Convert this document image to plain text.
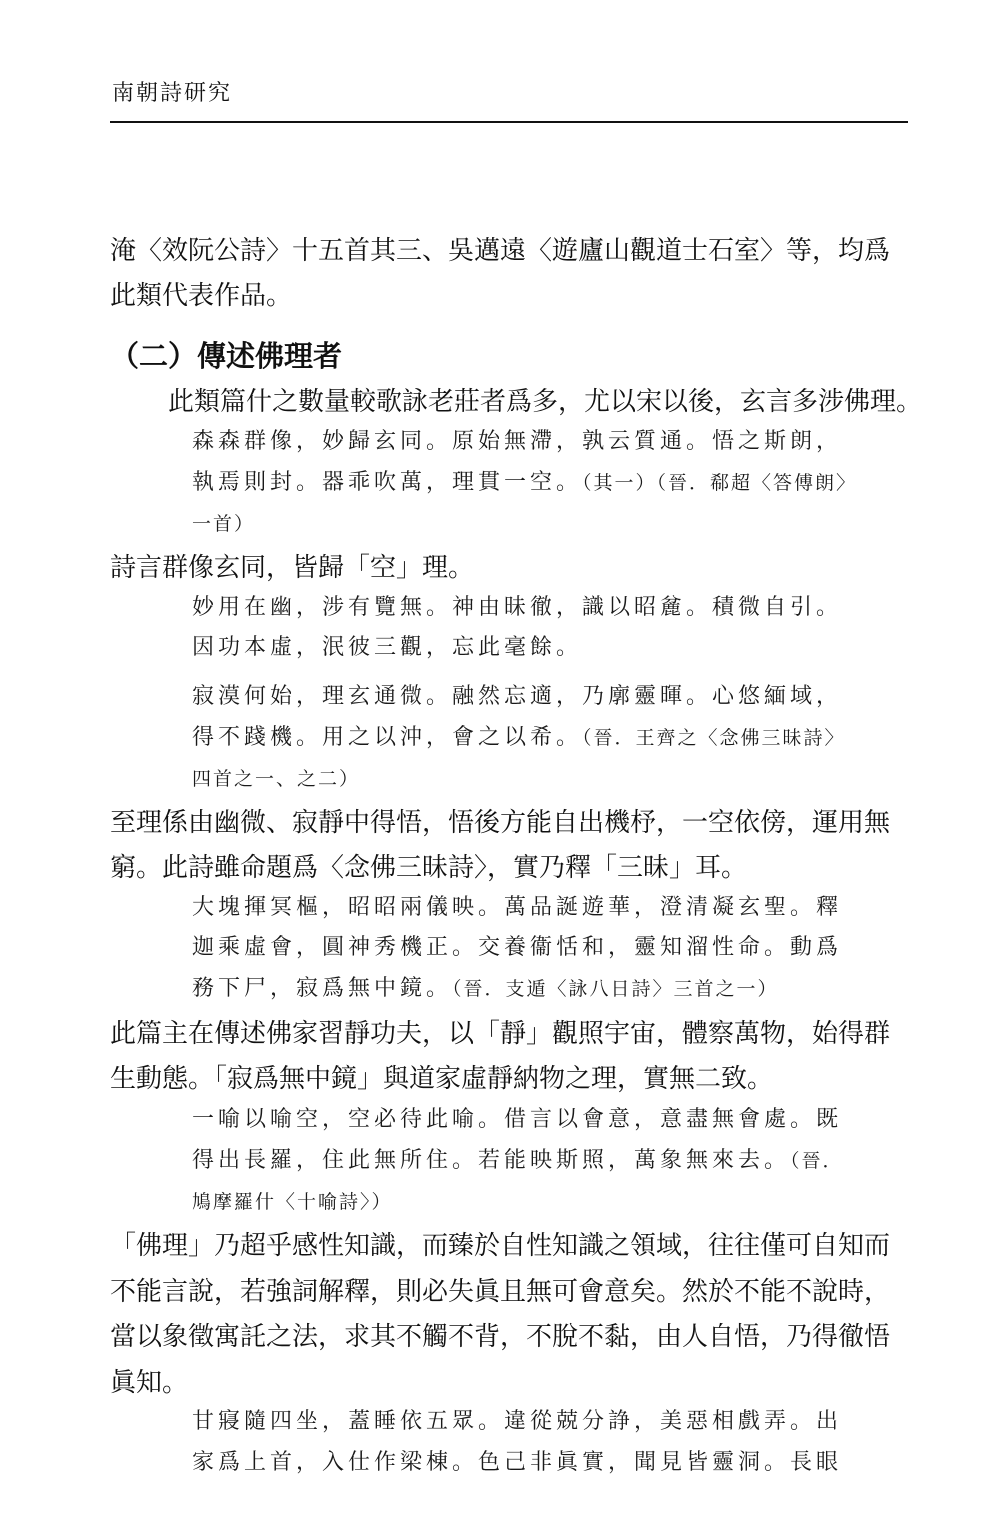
南朝詩研究
淹〈效阮公詩〉十五首其三、吳邁遠〈遊廬山觀道士石室〉等，均爲
此類代表作品。
（二）傳述佛理者
此類篇什之數量較歌詠老莊者爲多，尤以宋以後，玄言多涉佛理。
森森群像，妙歸玄同。原始無滯，孰云質通。悟之斯朗，
執焉則封。器乖吹萬，理貫一空。（其一）（晉．郗超〈答傅朗〉
一首）
詩言群像玄同，皆歸「空」理。
妙用在幽，涉有覽無。神由昧徹，識以昭麄。積微自引。
因功本虛，泯彼三觀，忘此毫餘。
寂漠何始，理玄通微。融然忘適，乃廓靈暉。心悠緬域，
得不踐機。用之以沖，會之以希。（晉．王齊之〈念佛三昧詩〉
四首之一、之二）
至理係由幽微、寂靜中得悟，悟後方能自出機杼，一空依傍，運用無
窮。此詩雖命題爲〈念佛三昧詩〉，實乃釋「三昧」耳。
大塊揮冥樞，昭昭兩儀映。萬品誕遊華，澄清凝玄聖。釋
迦乘虛會，圓神秀機正。交養衞恬和，靈知溜性命。動爲
務下尸，寂爲無中鏡。（晉．支遁〈詠八日詩〉三首之一）
此篇主在傳述佛家習靜功夫，以「靜」觀照宇宙，體察萬物，始得群
生動態。「寂爲無中鏡」與道家虛靜納物之理，實無二致。
一喻以喻空，空必待此喻。借言以會意，意盡無會處。既
得出長羅，住此無所住。若能映斯照，萬象無來去。（晉．
鳩摩羅什〈十喻詩〉）
「佛理」乃超乎感性知識，而臻於自性知識之領域，往往僅可自知而
不能言說，若強詞解釋，則必失眞且無可會意矣。然於不能不說時，
當以象徵寓託之法，求其不觸不背，不脫不黏，由人自悟，乃得徹悟
眞知。
甘寢隨四坐，蓋睡依五眾。違從兢分諍，美惡相戲弄。出
家爲上首，入仕作梁棟。色己非眞實，聞見皆靈洞。長眼
